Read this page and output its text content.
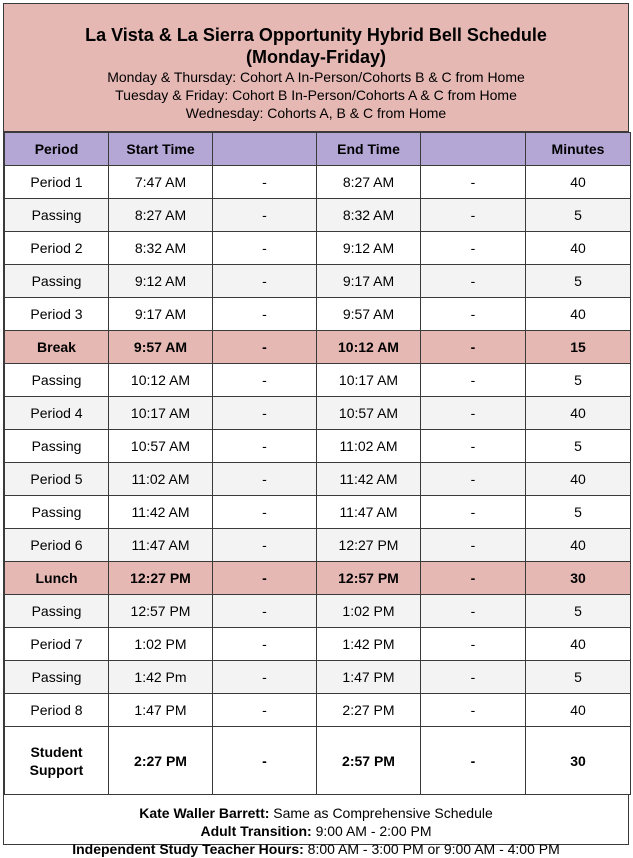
La Vista & La Sierra Opportunity Hybrid Bell Schedule
(Monday-Friday)
Monday & Thursday: Cohort A In-Person/Cohorts B & C from Home
Tuesday & Friday: Cohort B In-Person/Cohorts A & C from Home
Wednesday: Cohorts A, B & C from Home
Period	Start Time		End Time		Minutes
Period 1	7:47 AM	-	8:27 AM	-	40
Passing	8:27 AM	-	8:32 AM	-	5
Period 2	8:32 AM	-	9:12 AM	-	40
Passing	9:12 AM	-	9:17 AM	-	5
Period 3	9:17 AM	-	9:57 AM	-	40
Break	9:57 AM	-	10:12 AM	-	15
Passing	10:12 AM	-	10:17 AM	-	5
Period 4	10:17 AM	-	10:57 AM	-	40
Passing	10:57 AM	-	11:02 AM	-	5
Period 5	11:02 AM	-	11:42 AM	-	40
Passing	11:42 AM	-	11:47 AM	-	5
Period 6	11:47 AM	-	12:27 PM	-	40
Lunch	12:27 PM	-	12:57 PM	-	30
Passing	12:57 PM	-	1:02 PM	-	5
Period 7	1:02 PM	-	1:42 PM	-	40
Passing	1:42 Pm	-	1:47 PM	-	5
Period 8	1:47 PM	-	2:27 PM	-	40
Student
Support	2:27 PM	-	2:57 PM	-	30
Kate Waller Barrett: Same as Comprehensive Schedule
Adult Transition: 9:00 AM - 2:00 PM
Independent Study Teacher Hours: 8:00 AM - 3:00 PM or 9:00 AM - 4:00 PM
